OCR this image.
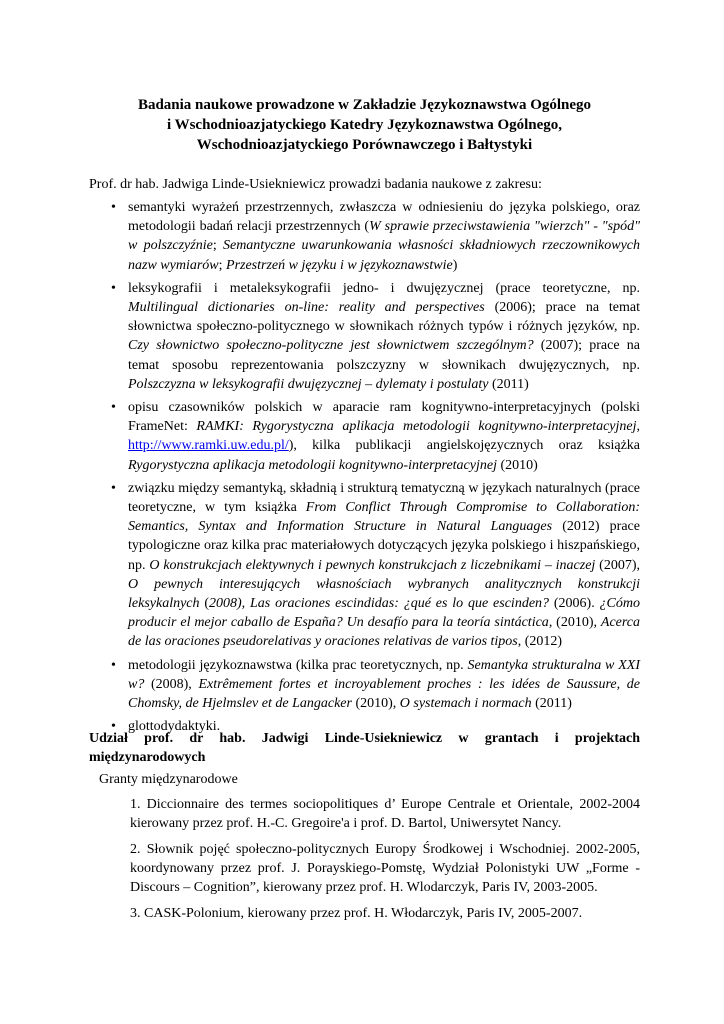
Badania naukowe prowadzone w Zakładzie Językoznawstwa Ogólnego
i Wschodnioazjatyckiego Katedry Językoznawstwa Ogólnego,
Wschodnioazjatyckiego Porównawczego i Bałtystyki
Prof. dr hab. Jadwiga Linde-Usiekniewicz prowadzi badania naukowe z zakresu:
• semantyki wyrażeń przestrzennych, zwłaszcza w odniesieniu do języka polskiego, oraz metodologii badań relacji przestrzennych (W sprawie przeciwstawienia "wierzch" - "spód" w polszczyźnie; Semantyczne uwarunkowania własności składniowych rzeczownikowych nazw wymiarów; Przestrzeń w języku i w językoznawstwie)
• leksykografii i metaleksykografii jedno- i dwujęzycznej (prace teoretyczne, np. Multilingual dictionaries on-line: reality and perspectives (2006); prace na temat słownictwa społeczno-politycznego w słownikach różnych typów i różnych języków, np. Czy słownictwo społeczno-polityczne jest słownictwem szczególnym? (2007); prace na temat sposobu reprezentowania polszczyzny w słownikach dwujęzycznych, np. Polszczyzna w leksykografii dwujęzycznej – dylematy i postulaty (2011)
• opisu czasowników polskich w aparacie ram kognitywno-interpretacyjnych (polski FrameNet: RAMKI: Rygorystyczna aplikacja metodologii kognitywno-interpretacyjnej, http://www.ramki.uw.edu.pl/), kilka publikacji angielskojęzycznych oraz książka Rygorystyczna aplikacja metodologii kognitywno-interpretacyjnej (2010)
• związku między semantyką, składnią i strukturą tematyczną w językach naturalnych (prace teoretyczne, w tym książka From Conflict Through Compromise to Collaboration: Semantics, Syntax and Information Structure in Natural Languages (2012) prace typologiczne oraz kilka prac materiałowych dotyczących języka polskiego i hiszpańskiego, np. O konstrukcjach elektywnych i pewnych konstrukcjach z liczebnikami – inaczej (2007), O pewnych interesujących własnościach wybranych analitycznych konstrukcji leksykalnych (2008), Las oraciones escindidas: ¿qué es lo que escinden? (2006). ¿Cómo producir el mejor caballo de España? Un desafío para la teoría sintáctica, (2010), Acerca de las oraciones pseudorelativas y oraciones relativas de varios tipos, (2012)
• metodologii językoznawstwa (kilka prac teoretycznych, np. Semantyka strukturalna w XXI w? (2008), Extrêmement fortes et incroyablement proches : les idées de Saussure, de Chomsky, de Hjelmslev et de Langacker (2010), O systemach i normach (2011)
• glottodydaktyki.
Udział prof. dr hab. Jadwigi Linde-Usiekniewicz w grantach i projektach międzynarodowych
Granty międzynarodowe
1. Diccionnaire des termes sociopolitiques d’ Europe Centrale et Orientale, 2002-2004 kierowany przez prof. H.-C. Gregoire'a i prof. D. Bartol, Uniwersytet Nancy.
2. Słownik pojęć społeczno-politycznych Europy Środkowej i Wschodniej. 2002-2005, koordynowany przez prof. J. Porayskiego-Pomstę, Wydział Polonistyki UW „Forme - Discours – Cognition”, kierowany przez prof. H. Wlodarczyk, Paris IV, 2003-2005.
3. CASK-Polonium, kierowany przez prof. H. Włodarczyk, Paris IV, 2005-2007.
